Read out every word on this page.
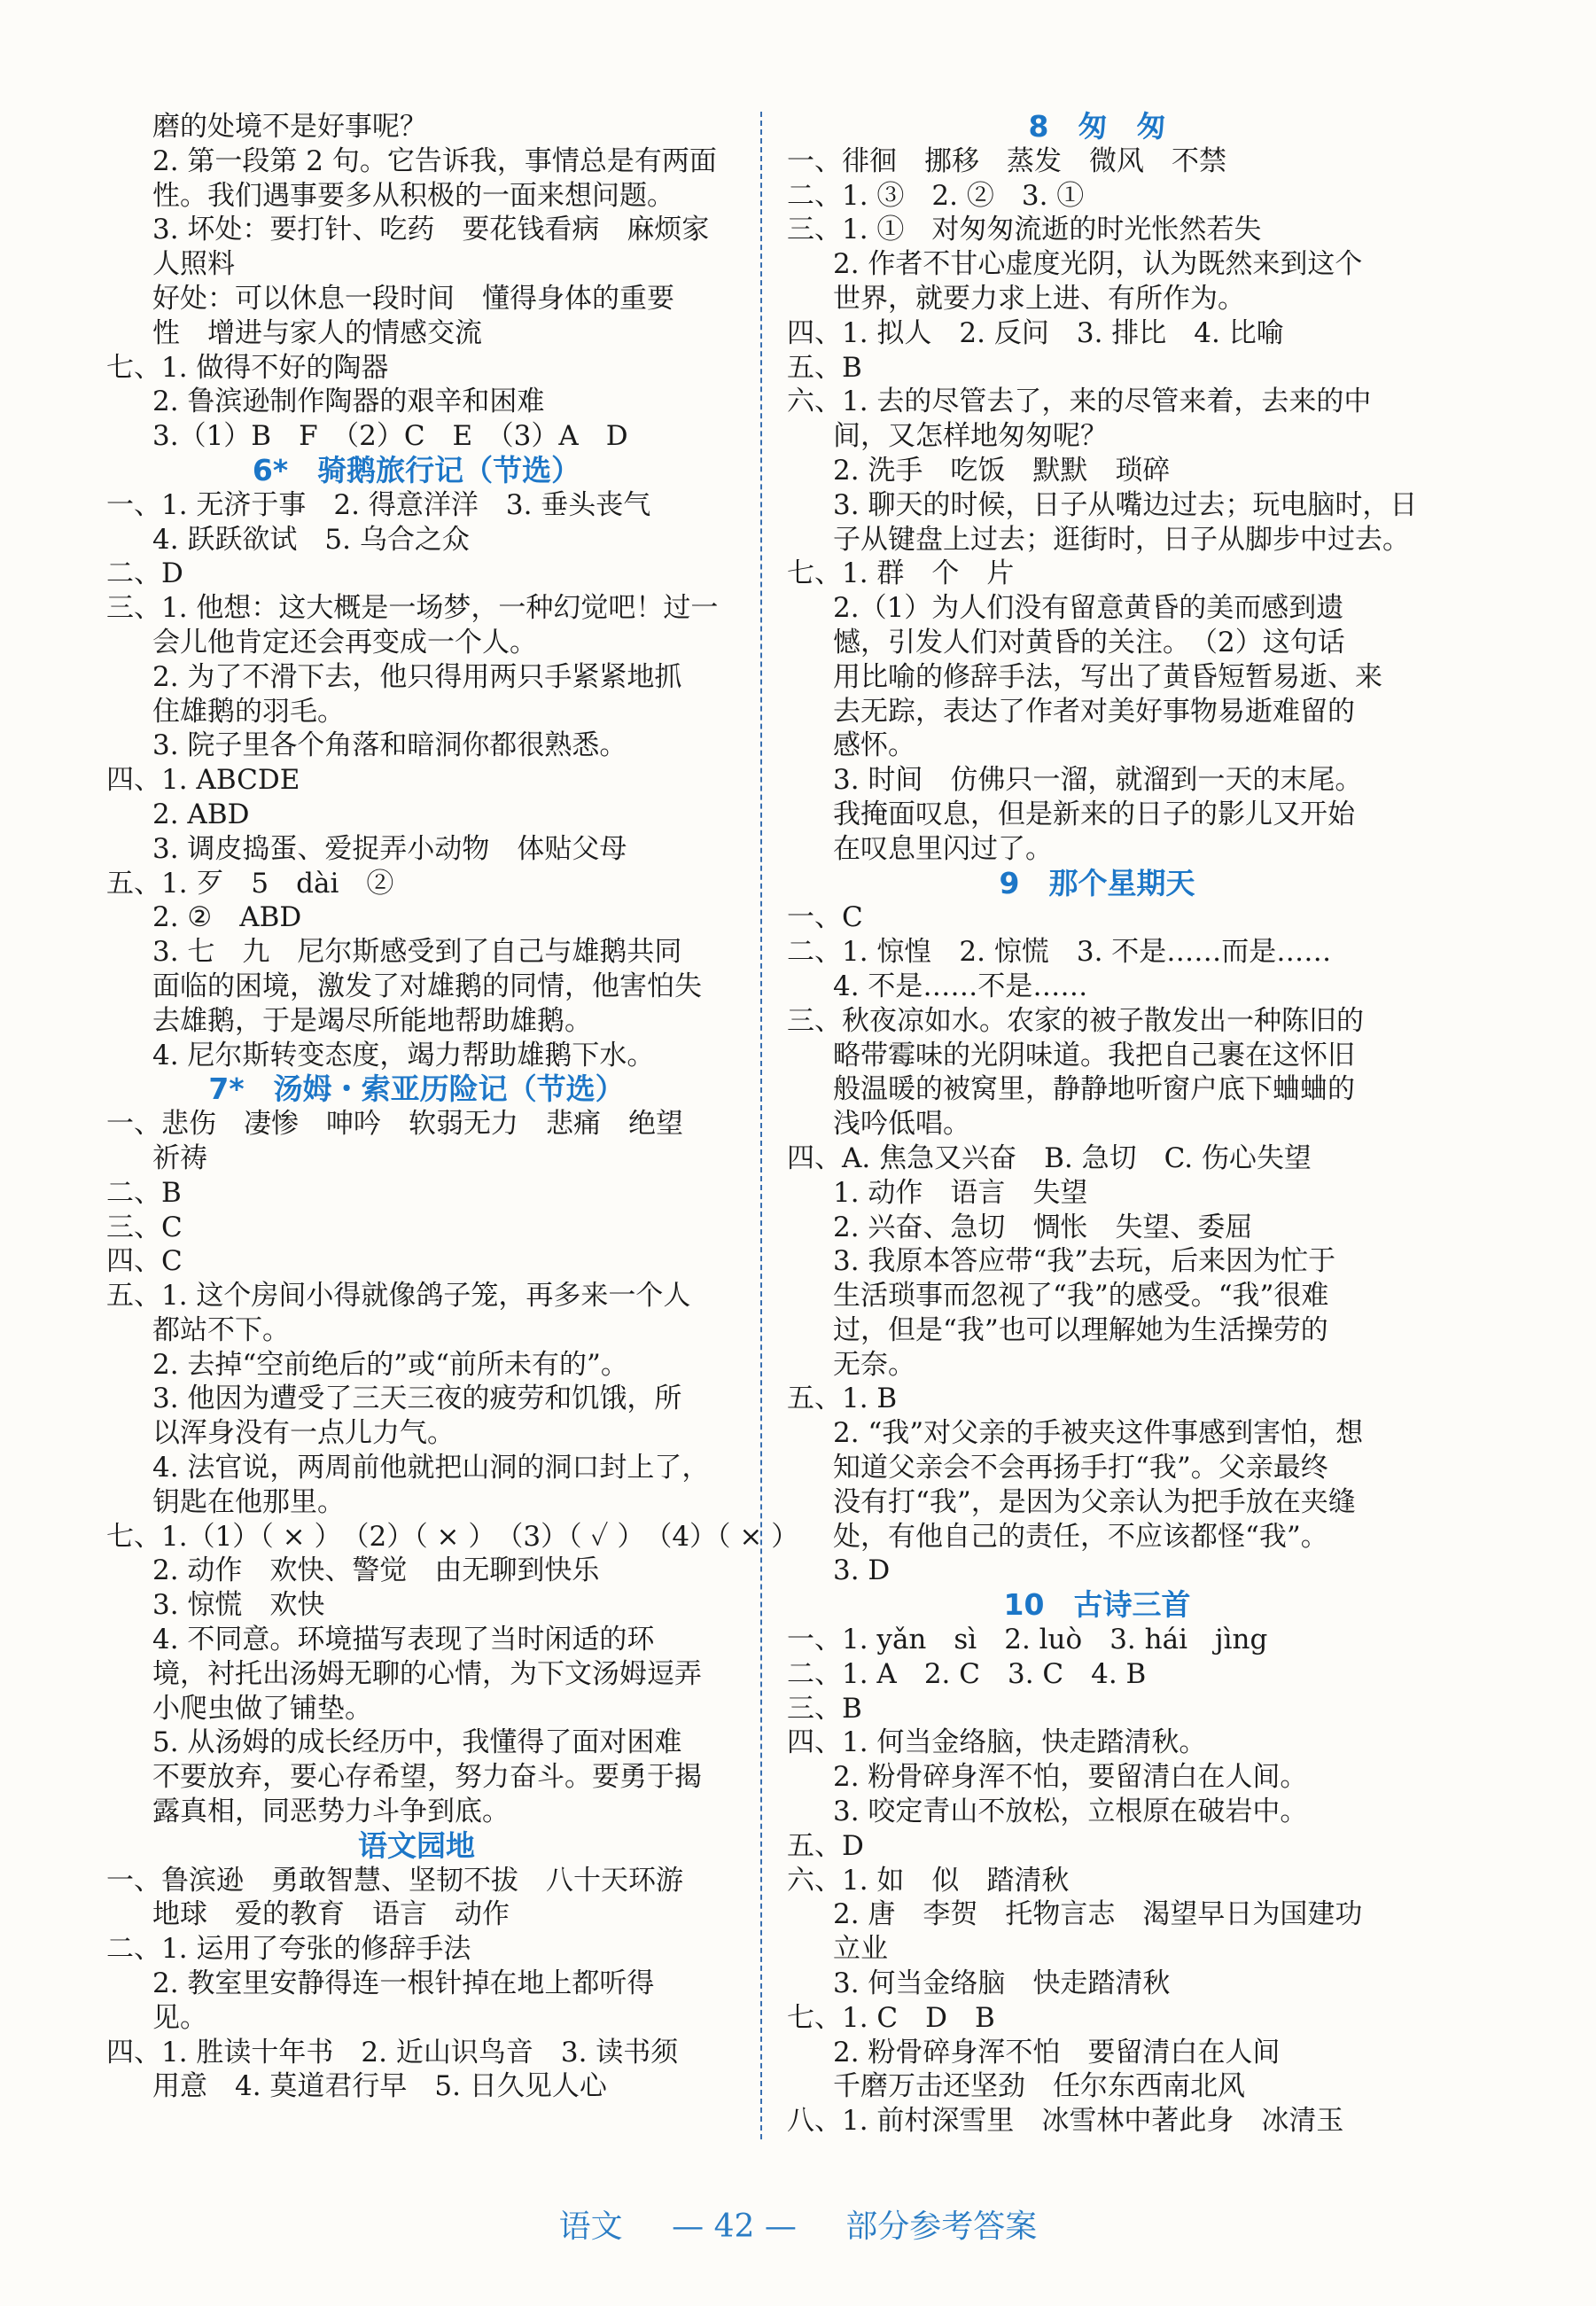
磨的处境不是好事呢？
2. 第一段第 2 句。它告诉我，事情总是有两面
性。我们遇事要多从积极的一面来想问题。
3. 坏处：要打针、吃药　要花钱看病　麻烦家
人照料
好处：可以休息一段时间　懂得身体的重要
性　增进与家人的情感交流
七、1. 做得不好的陶器
2. 鲁滨逊制作陶器的艰辛和困难
3.（1）B　F　（2）C　E　（3）A　D
6*　骑鹅旅行记（节选）
一、1. 无济于事　2. 得意洋洋　3. 垂头丧气
4. 跃跃欲试　5. 乌合之众
二、D
三、1. 他想：这大概是一场梦，一种幻觉吧！过一
会儿他肯定还会再变成一个人。
2. 为了不滑下去，他只得用两只手紧紧地抓
住雄鹅的羽毛。
3. 院子里各个角落和暗洞你都很熟悉。
四、1. ABCDE
2. ABD
3. 调皮捣蛋、爱捉弄小动物　体贴父母
五、1. 歹　5　dài　②
2. ②　ABD
3. 七　九　尼尔斯感受到了自己与雄鹅共同
面临的困境，激发了对雄鹅的同情，他害怕失
去雄鹅，于是竭尽所能地帮助雄鹅。
4. 尼尔斯转变态度，竭力帮助雄鹅下水。
7*　汤姆・索亚历险记（节选）
一、悲伤　凄惨　呻吟　软弱无力　悲痛　绝望
祈祷
二、B
三、C
四、C
五、1. 这个房间小得就像鸽子笼，再多来一个人
都站不下。
2. 去掉“空前绝后的”或“前所未有的”。
3. 他因为遭受了三天三夜的疲劳和饥饿，所
以浑身没有一点儿力气。
4. 法官说，两周前他就把山洞的洞口封上了，
钥匙在他那里。
七、1.（1）（ × ）　（2）（ × ）　（3）（ ✓ ）　（4）（ × ）
2. 动作　欢快、警觉　由无聊到快乐
3. 惊慌　欢快
4. 不同意。环境描写表现了当时闲适的环
境，衬托出汤姆无聊的心情，为下文汤姆逗弄
小爬虫做了铺垫。
5. 从汤姆的成长经历中，我懂得了面对困难
不要放弃，要心存希望，努力奋斗。要勇于揭
露真相，同恶势力斗争到底。
语文园地
一、鲁滨逊　勇敢智慧、坚韧不拔　八十天环游
地球　爱的教育　语言　动作
二、1. 运用了夸张的修辞手法
2. 教室里安静得连一根针掉在地上都听得
见。
四、1. 胜读十年书　2. 近山识鸟音　3. 读书须
用意　4. 莫道君行早　5. 日久见人心
8　匆　匆
一、徘徊　挪移　蒸发　微风　不禁
二、1. ③　2. ②　3. ①
三、1. ①　对匆匆流逝的时光怅然若失
2. 作者不甘心虚度光阴，认为既然来到这个
世界，就要力求上进、有所作为。
四、1. 拟人　2. 反问　3. 排比　4. 比喻
五、B
六、1. 去的尽管去了，来的尽管来着，去来的中
间，又怎样地匆匆呢？
2. 洗手　吃饭　默默　琐碎
3. 聊天的时候，日子从嘴边过去；玩电脑时，日
子从键盘上过去；逛街时，日子从脚步中过去。
七、1. 群　个　片
2.（1）为人们没有留意黄昏的美而感到遗
憾，引发人们对黄昏的关注。　（2）这句话
用比喻的修辞手法，写出了黄昏短暂易逝、来
去无踪，表达了作者对美好事物易逝难留的
感怀。
3. 时间　仿佛只一溜，就溜到一天的末尾。
我掩面叹息，但是新来的日子的影儿又开始
在叹息里闪过了。
9　那个星期天
一、C
二、1. 惊惶　2. 惊慌　3. 不是……而是……
4. 不是……不是……
三、秋夜凉如水。农家的被子散发出一种陈旧的
略带霉味的光阴味道。我把自己裹在这怀旧
般温暖的被窝里，静静地听窗户底下蛐蛐的
浅吟低唱。
四、A. 焦急又兴奋　B. 急切　C. 伤心失望
1. 动作　语言　失望
2. 兴奋、急切　惆怅　失望、委屈
3. 我原本答应带“我”去玩，后来因为忙于
生活琐事而忽视了“我”的感受。“我”很难
过，但是“我”也可以理解她为生活操劳的
无奈。
五、1. B
2. “我”对父亲的手被夹这件事感到害怕，想
知道父亲会不会再扬手打“我”。父亲最终
没有打“我”，是因为父亲认为把手放在夹缝
处，有他自己的责任，不应该都怪“我”。
3. D
10　古诗三首
一、1. yǎn　sì　2. luò　3. hái　jìng
二、1. A　2. C　3. C　4. B
三、B
四、1. 何当金络脑，快走踏清秋。
2. 粉骨碎身浑不怕，要留清白在人间。
3. 咬定青山不放松，立根原在破岩中。
五、D
六、1. 如　似　踏清秋
2. 唐　李贺　托物言志　渴望早日为国建功
立业
3. 何当金络脑　快走踏清秋
七、1. C　D　B
2. 粉骨碎身浑不怕　要留清白在人间
千磨万击还坚劲　任尔东西南北风
八、1. 前村深雪里　冰雪林中著此身　冰清玉
语文 — 42 — 部分参考答案
